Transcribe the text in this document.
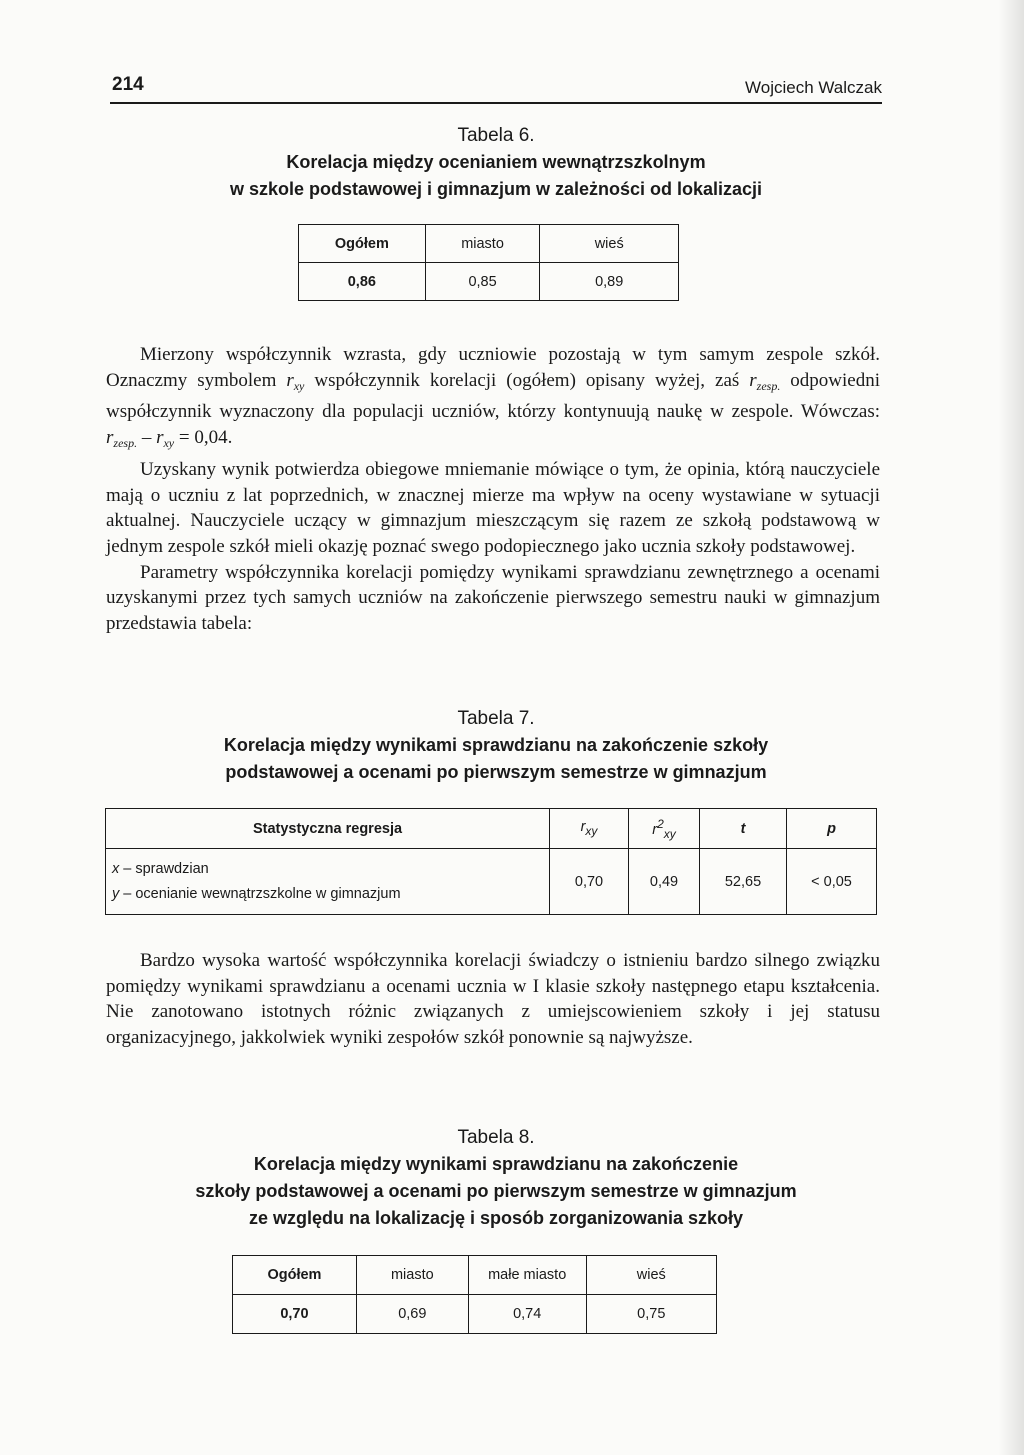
214	Wojciech Walczak
Tabela 6.
Korelacja między ocenianiem wewnątrzszkolnym
w szkole podstawowej i gimnazjum w zależności od lokalizacji
Ogółem	miasto	wieś
0,86	0,85	0,89

Mierzony współczynnik wzrasta, gdy uczniowie pozostają w tym samym zespole szkół. Oznaczmy symbolem $r_{xy}$ współczynnik korelacji (ogółem) opisany wyżej, zaś $r_{zesp.}$ odpowiedni współczynnik wyznaczony dla populacji uczniów, którzy kontynuują naukę w zespole. Wówczas: $r_{zesp.} - r_{xy} = 0,04$.

Uzyskany wynik potwierdza obiegowe mniemanie mówiące o tym, że opinia, którą nauczyciele mają o uczniu z lat poprzednich, w znacznej mierze ma wpływ na oceny wystawiane w sytuacji aktualnej. Nauczyciele uczący w gimnazjum mieszczącym się razem ze szkołą podstawową w jednym zespole szkół mieli okazję poznać swego podopiecznego jako ucznia szkoły podstawowej.

Parametry współczynnika korelacji pomiędzy wynikami sprawdzianu zewnętrznego a ocenami uzyskanymi przez tych samych uczniów na zakończenie pierwszego semestru nauki w gimnazjum przedstawia tabela:

Tabela 7.
Korelacja między wynikami sprawdzianu na zakończenie szkoły
podstawowej a ocenami po pierwszym semestrze w gimnazjum
Statystyczna regresja	$r_{xy}$	$r^2_{xy}$	t	p

x – sprawdzian
y – ocenianie wewnątrzszkolne w gimnazjum	0,70	0,49	52,65	< 0,05

Bardzo wysoka wartość współczynnika korelacji świadczy o istnieniu bardzo silnego związku pomiędzy wynikami sprawdzianu a ocenami ucznia w I klasie szkoły następnego etapu kształcenia. Nie zanotowano istotnych różnic związanych z umiejscowieniem szkoły i jej statusu organizacyjnego, jakkolwiek wyniki zespołów szkół ponownie są najwyższe.

Tabela 8.
Korelacja między wynikami sprawdzianu na zakończenie
szkoły podstawowej a ocenami po pierwszym semestrze w gimnazjum
ze względu na lokalizację i sposób zorganizowania szkoły
Ogółem	miasto	małe miasto	wieś
0,70	0,69	0,74	0,75
